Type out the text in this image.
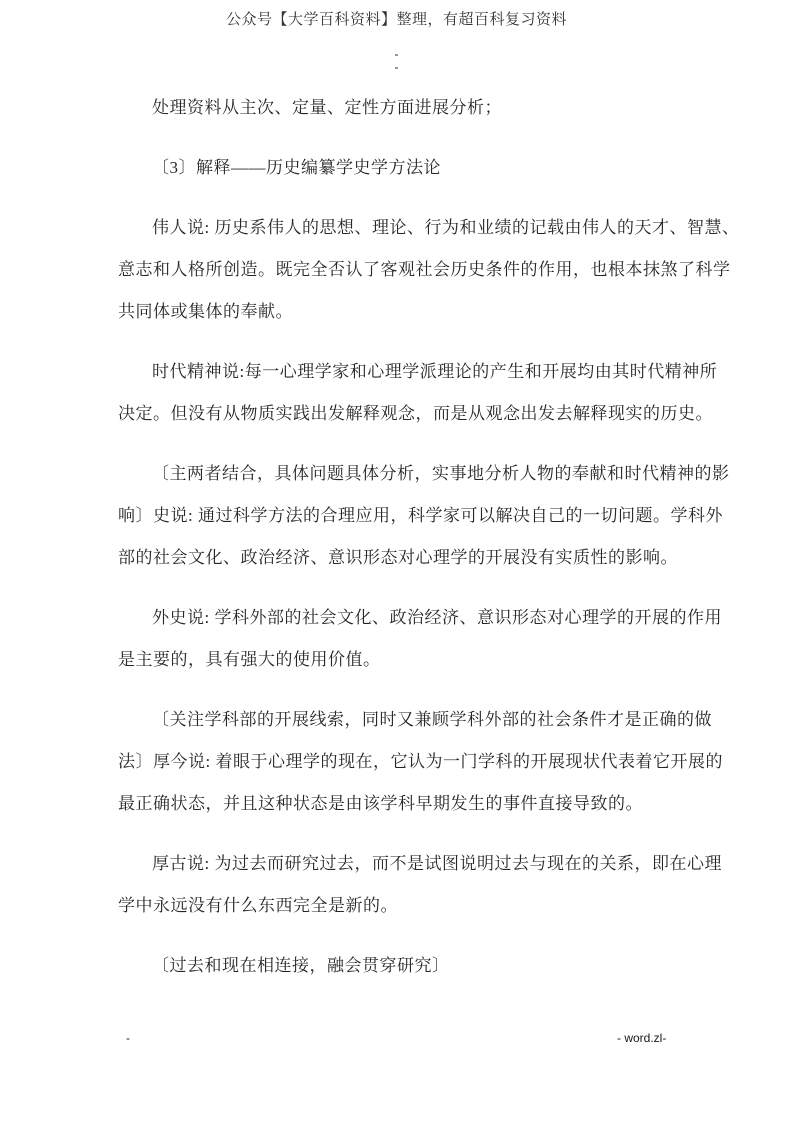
公众号【大学百科资料】整理，有超百科复习资料
-
-

处理资料从主次、定量、定性方面进展分析；

〔3〕解释——历史编纂学史学方法论

伟人说: 历史系伟人的思想、理论、行为和业绩的记载由伟人的天才、智慧、
意志和人格所创造。既完全否认了客观社会历史条件的作用，也根本抹煞了科学
共同体或集体的奉献。

时代精神说:每一心理学家和心理学派理论的产生和开展均由其时代精神所
决定。但没有从物质实践出发解释观念，而是从观念出发去解释现实的历史。

〔主两者结合，具体问题具体分析，实事地分析人物的奉献和时代精神的影
响〕史说: 通过科学方法的合理应用，科学家可以解决自己的一切问题。学科外
部的社会文化、政治经济、意识形态对心理学的开展没有实质性的影响。

外史说: 学科外部的社会文化、政治经济、意识形态对心理学的开展的作用
是主要的，具有强大的使用价值。

〔关注学科部的开展线索，同时又兼顾学科外部的社会条件才是正确的做
法〕厚今说: 着眼于心理学的现在，它认为一门学科的开展现状代表着它开展的
最正确状态，并且这种状态是由该学科早期发生的事件直接导致的。

厚古说: 为过去而研究过去，而不是试图说明过去与现在的关系，即在心理
学中永远没有什么东西完全是新的。

〔过去和现在相连接，融会贯穿研究〕

-	- word.zl-
